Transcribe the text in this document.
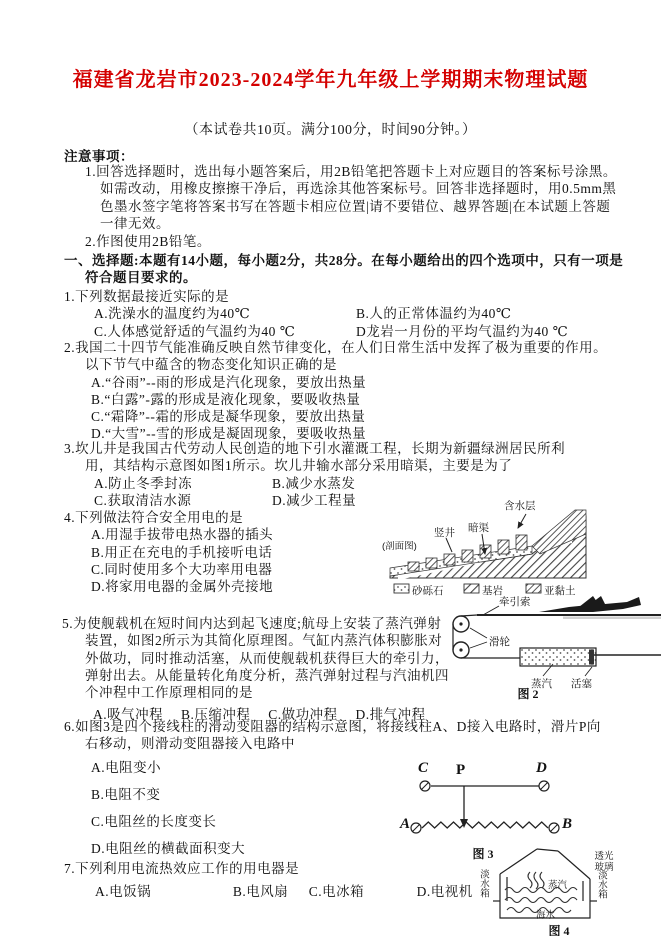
福建省龙岩市2023-2024学年九年级上学期期末物理试题
（本试卷共10页。满分100分，时间90分钟。）
注意事项：
1.回答选择题时，选出每小题答案后，用2B铅笔把答题卡上对应题目的答案标号涂黑。如需改动，用橡皮擦擦干净后，再选涂其他答案标号。回答非选择题时，用0.5mm黑色墨水签字笔将答案书写在答题卡相应位置|请不要错位、越界答题|在本试题上答题一律无效。
2.作图使用2B铅笔。
一、选择题:本题有14小题，每小题2分，共28分。在每小题给出的四个选项中，只有一项是符合题目要求的。
1.下列数据最接近实际的是
A.洗澡水的温度约为40℃	B.人的正常体温约为40℃
C.人体感觉舒适的气温约为40 ℃	D龙岩一月份的平均气温约为40 ℃
2.我国二十四节气能准确反映自然节律变化，在人们日常生活中发挥了极为重要的作用。以下节气中蕴含的物态变化知识正确的是
A.“谷雨”--雨的形成是汽化现象，要放出热量
B.“白露”-露的形成是液化现象，要吸收热量
C.“霜降”--霜的形成是凝华现象，要放出热量
D.“大雪”--雪的形成是凝固现象，要吸收热量
3.坎儿井是我国古代劳动人民创造的地下引水灌溉工程，长期为新疆绿洲居民所利用，其结构示意图如图1所示。坎儿井输水部分采用暗渠，主要是为了
A.防止冬季封冻	B.减少水蒸发
C.获取清洁水源	D.减少工程量
4.下列做法符合安全用电的是
A.用湿手拔带电热水器的插头
B.用正在充电的手机接听电话
C.同时使用多个大功率用电器
D.将家用电器的金属外壳接地
5.为使舰载机在短时间内达到起飞速度;航母上安装了蒸汽弹射装置，如图2所示为其简化原理图。气缸内蒸汽体积膨胀对外做功，同时推动活塞，从而使舰载机获得巨大的牵引力，弹射出去。从能量转化角度分析，蒸汽弹射过程与汽油机四个冲程中工作原理相同的是
A.吸气冲程 B.压缩冲程 C.做功冲程 D.排气冲程
6.如图3是四个接线柱的滑动变阻器的结构示意图，将接线柱A、D接入电路时，滑片P向右移动，则滑动变阻器接入电路中
A.电阻变小
B.电阻不变
C.电阻丝的长度变长
D.电阻丝的横截面积变大
7.下列利用电流热效应工作的用电器是
A.电饭锅	B.电风扇 C.电冰箱	D.电视机
含水层
竖井 暗渠
(剖面图)
砂砾石	基岩	亚黏土
牵引索
滑轮
蒸汽 活塞
图 2
C P	D
A	B
图 3	透光玻璃
蒸汽
海水
淡水箱	淡水箱
图 4
